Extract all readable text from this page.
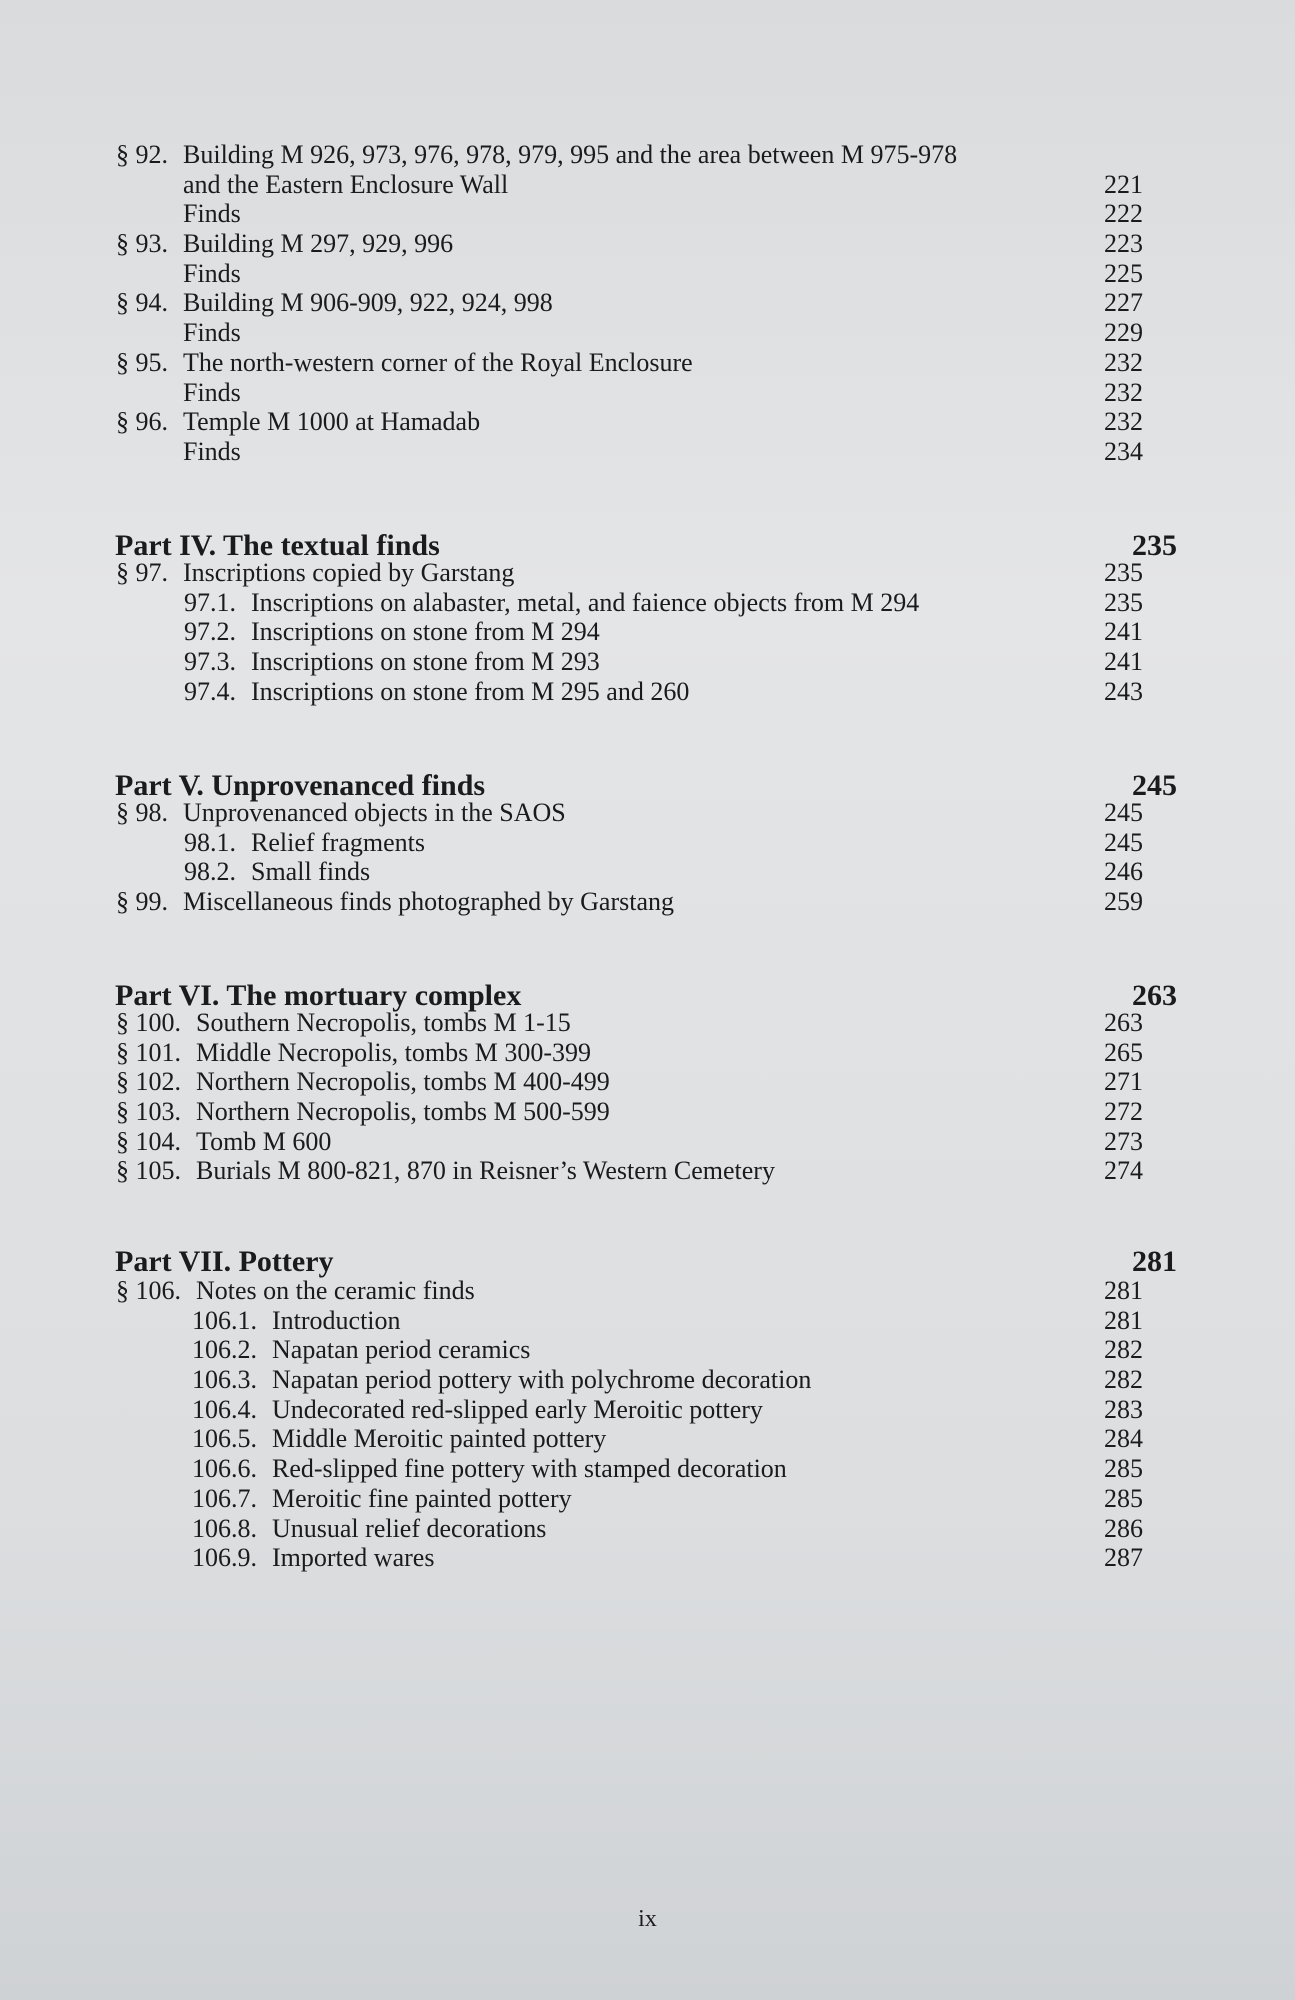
§ 92. Building M 926, 973, 976, 978, 979, 995 and the area between M 975-978
and the Eastern Enclosure Wall	221
Finds	222
§ 93. Building M 297, 929, 996	223
Finds	225
§ 94. Building M 906-909, 922, 924, 998	227
Finds	229
§ 95. The north-western corner of the Royal Enclosure	232
Finds	232
§ 96. Temple M 1000 at Hamadab	232
Finds	234
Part IV. The textual finds	235
§ 97. Inscriptions copied by Garstang	235
97.1. Inscriptions on alabaster, metal, and faience objects from M 294	235
97.2. Inscriptions on stone from M 294	241
97.3. Inscriptions on stone from M 293	241
97.4. Inscriptions on stone from M 295 and 260	243
Part V. Unprovenanced finds	245
§ 98. Unprovenanced objects in the SAOS	245
98.1. Relief fragments	245
98.2. Small finds	246
§ 99. Miscellaneous finds photographed by Garstang	259
Part VI. The mortuary complex	263
§ 100. Southern Necropolis, tombs M 1-15	263
§ 101. Middle Necropolis, tombs M 300-399	265
§ 102. Northern Necropolis, tombs M 400-499	271
§ 103. Northern Necropolis, tombs M 500-599	272
§ 104. Tomb M 600	273
§ 105. Burials M 800-821, 870 in Reisner’s Western Cemetery	274
Part VII. Pottery	281
§ 106. Notes on the ceramic finds	281
106.1. Introduction	281
106.2. Napatan period ceramics	282
106.3. Napatan period pottery with polychrome decoration	282
106.4. Undecorated red-slipped early Meroitic pottery	283
106.5. Middle Meroitic painted pottery	284
106.6. Red-slipped fine pottery with stamped decoration	285
106.7. Meroitic fine painted pottery	285
106.8. Unusual relief decorations	286
106.9. Imported wares	287
ix
